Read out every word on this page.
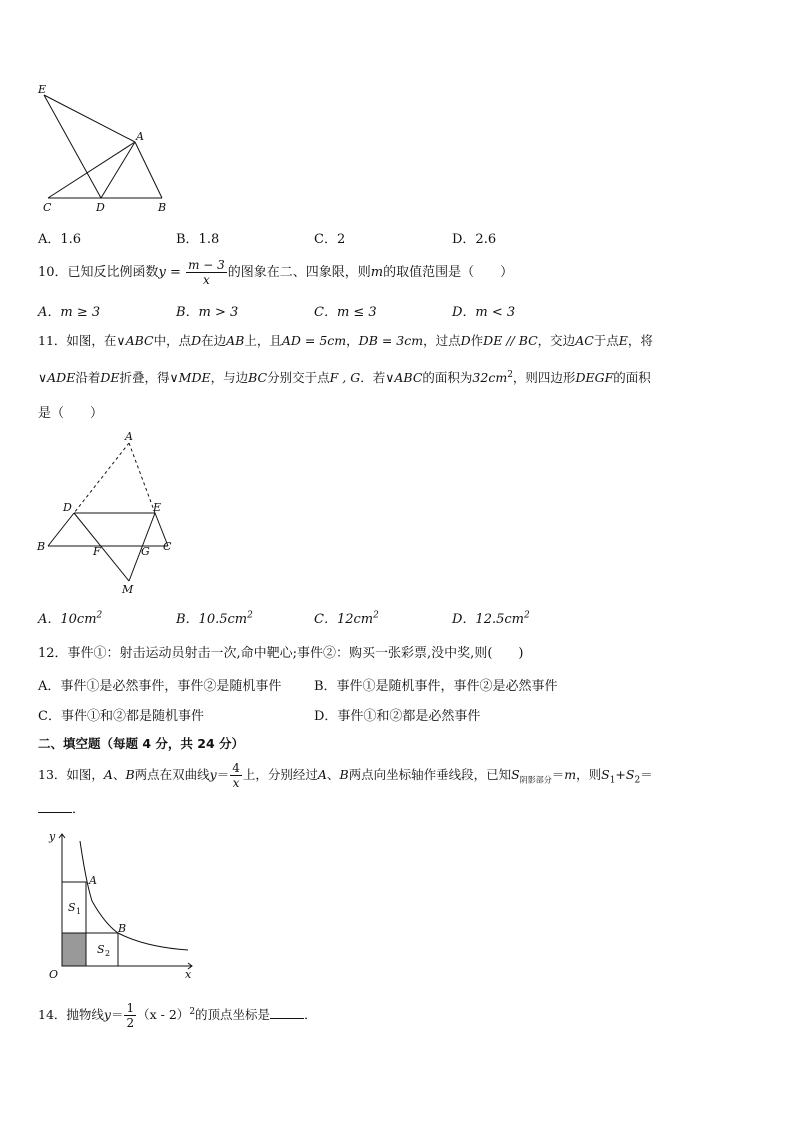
E
A
C	D	B
A．1.6	B．1.8	C．2	D．2.6
10．已知反比例函数$y = \frac{m - 3}{x}$ 的图象在二、四象限，则m的取值范围是（　　）
A．m ≥ 3	B．m > 3	C．m ≤ 3	D．m < 3
11．如图，在∨ABC中，点D在边AB上，且AD = 5cm，DB = 3cm，过点D作DE // BC，交边AC于点E，将
∨ADE沿着DE折叠，得∨MDE，与边BC分别交于点F , G．若∨ABC的面积为$32cm^2$，则四边形DEGF的面积
是（　　）
A
D	E
B	F	G C
M
A．$10cm^2$	B．$10.5cm^2$	C．$12cm^2$	D．$12.5cm^2$
12．事件①：射击运动员射击一次,命中靶心;事件②：购买一张彩票,没中奖,则(　　)
A．事件①是必然事件，事件②是随机事件	B．事件①是随机事件，事件②是必然事件
C．事件①和②都是随机事件	D．事件①和②都是必然事件
二、填空题（每题 4 分，共 24 分）
13．如图，A、B两点在双曲线$y= \frac{4}{x}$ 上，分别经过A、B两点向坐标轴作垂线段，已知$S_{阴影部分}=m$，则$S_1+S_2=$
．
y
x
O
A
B
S 1
S 2
14．抛物线$y= \frac{1}{2} (x - 2)^2$的顶点坐标是	．
